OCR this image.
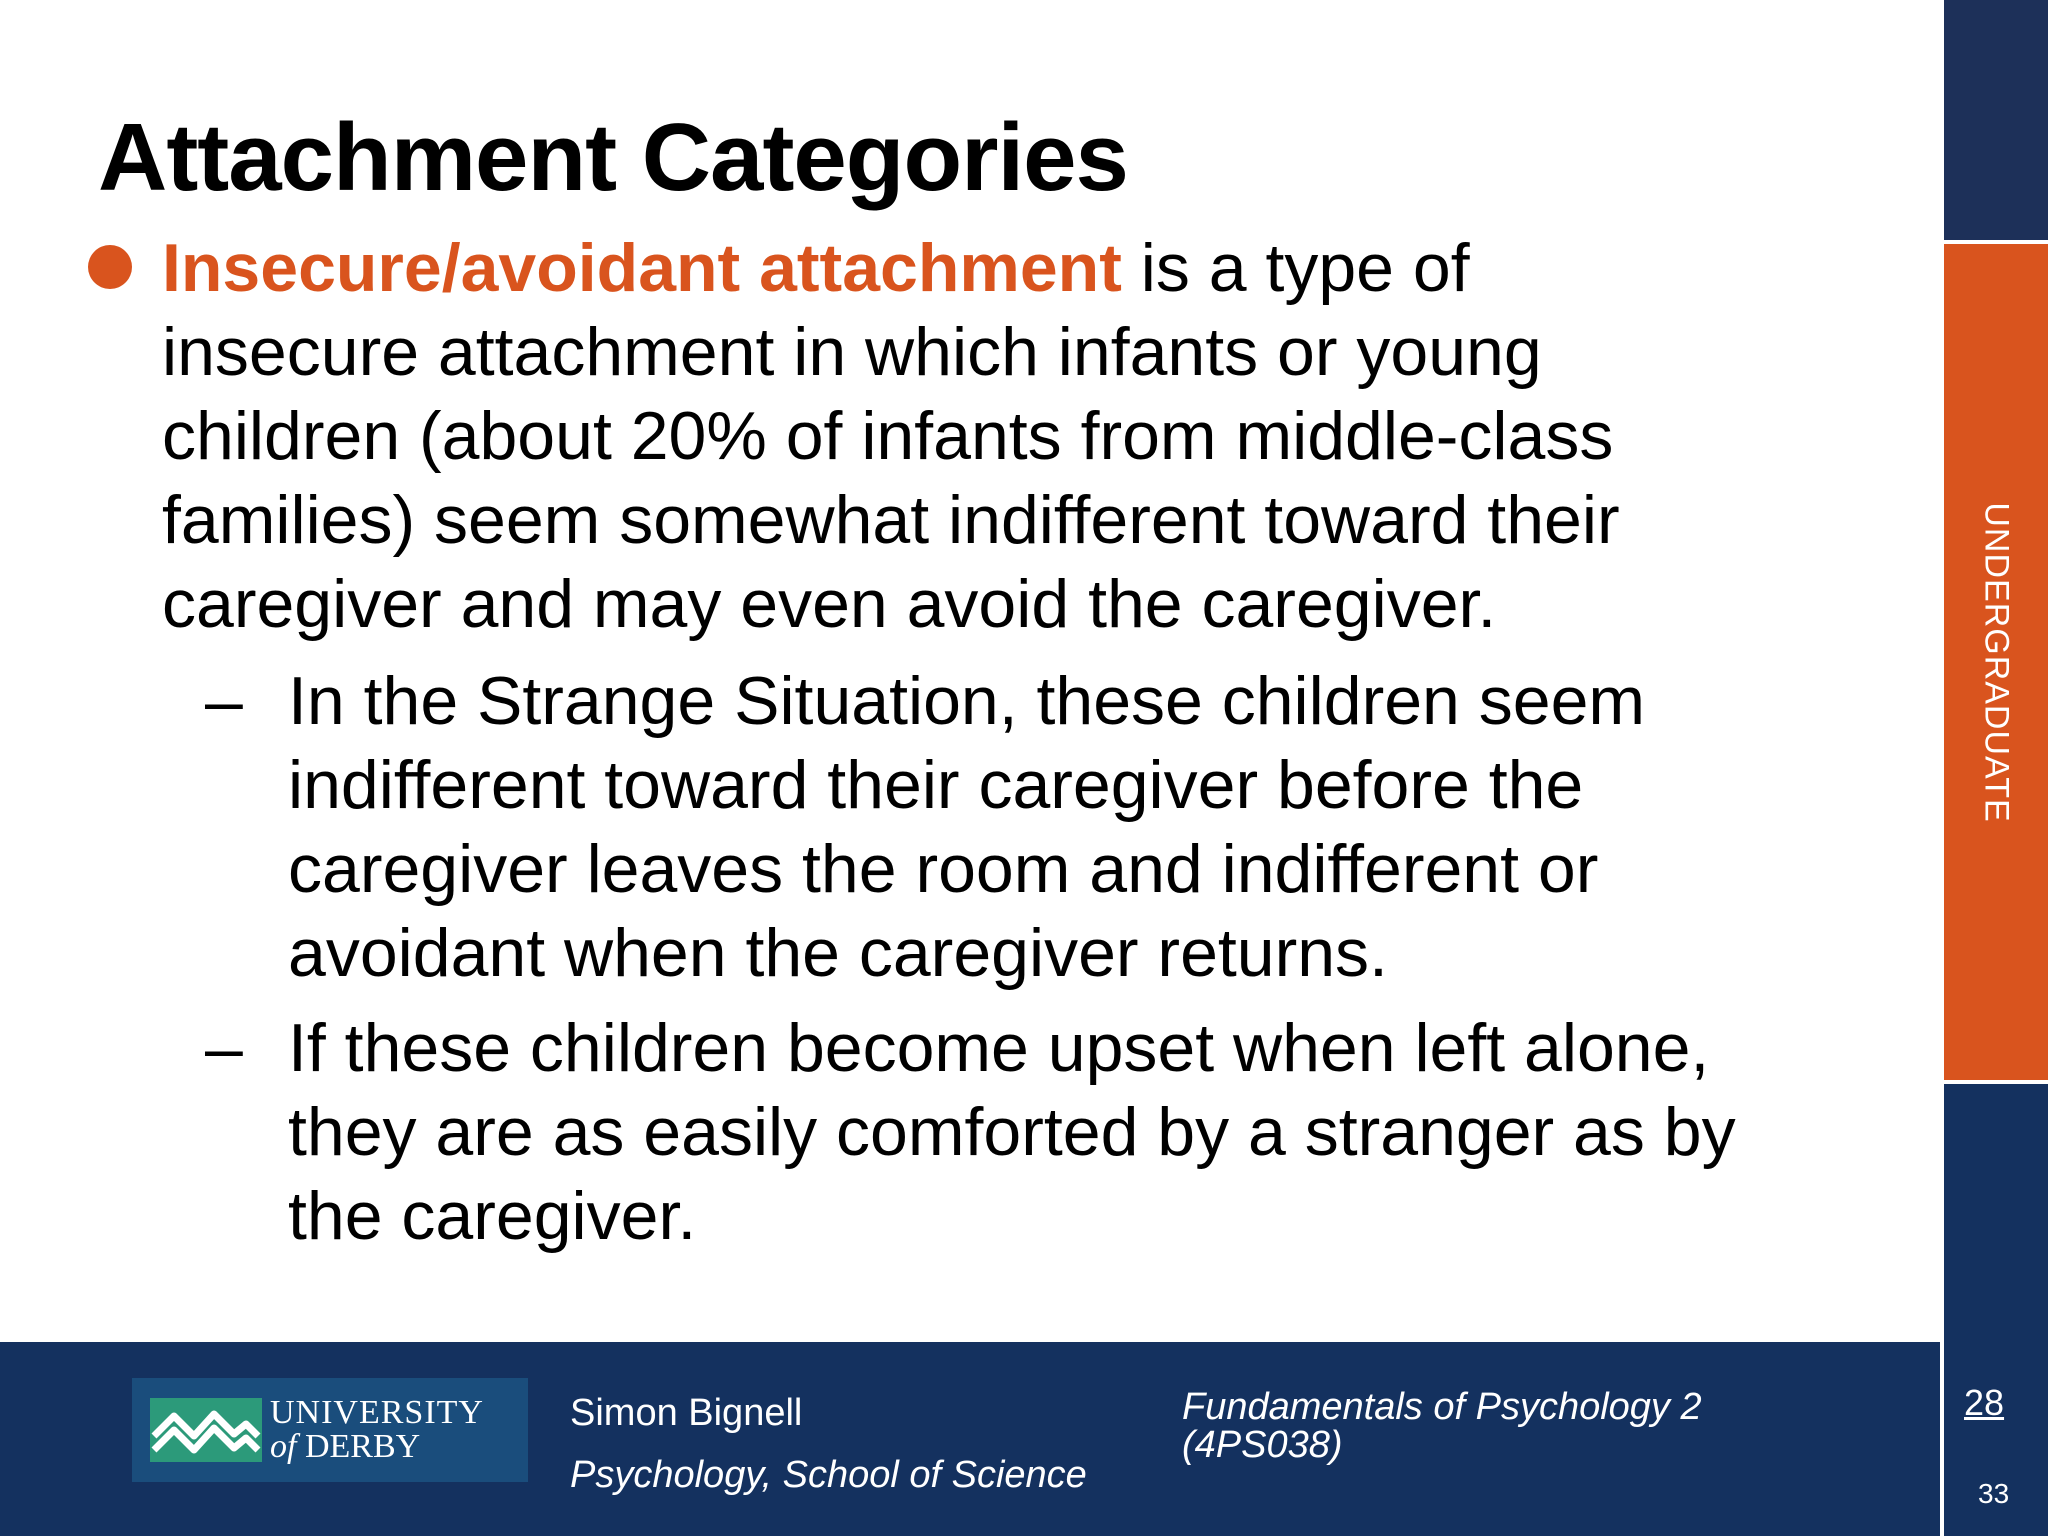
Attachment Categories
Insecure/avoidant attachment is a type of
insecure attachment in which infants or young
children (about 20% of infants from middle-class
families) seem somewhat indifferent toward their
caregiver and may even avoid the caregiver.
– In the Strange Situation, these children seem
indifferent toward their caregiver before the
caregiver leaves the room and indifferent or
avoidant when the caregiver returns.
– If these children become upset when left alone,
they are as easily comforted by a stranger as by
the caregiver.
UNDERGRADUATE
UNIVERSITY
of DERBY
Simon Bignell
Psychology, School of Science
Fundamentals of Psychology 2
(4PS038)
28
33
